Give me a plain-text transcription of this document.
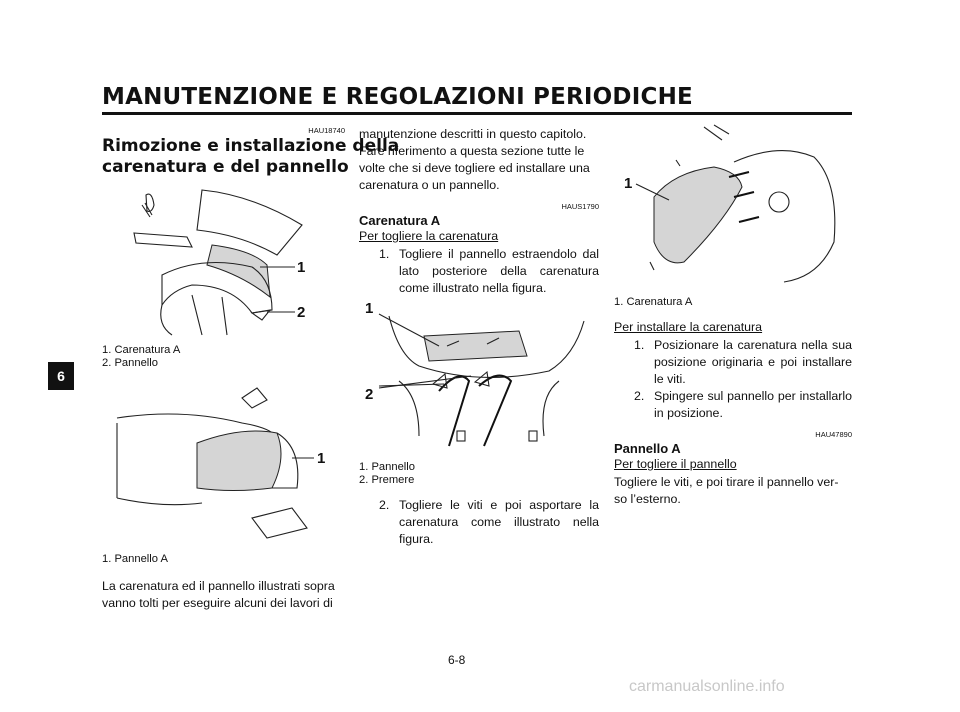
MANUTENZIONE E REGOLAZIONI PERIODICHE
6
HAU18740
Rimozione e installazione della
carenatura e del pannello
1
2
1. Carenatura A
2. Pannello
1
1. Pannello A
La carenatura ed il pannello illustrati sopra
vanno tolti per eseguire alcuni dei lavori di
manutenzione descritti in questo capitolo.
Fare riferimento a questa sezione tutte le
volte che si deve togliere ed installare una
carenatura o un pannello.
HAUS1790
Carenatura A
Per togliere la carenatura
1. Togliere il pannello estraendolo dal lato posteriore della carenatura come illustrato nella figura.
1
2
1. Pannello
2. Premere
2. Togliere le viti e poi asportare la carenatura come illustrato nella figura.
1
1. Carenatura A
Per installare la carenatura
1. Posizionare la carenatura nella sua posizione originaria e poi installare le viti.
2. Spingere sul pannello per installarlo in posizione.
HAU47890
Pannello A
Per togliere il pannello
Togliere le viti, e poi tirare il pannello ver-
so l’esterno.
6-8
carmanualsonline.info
